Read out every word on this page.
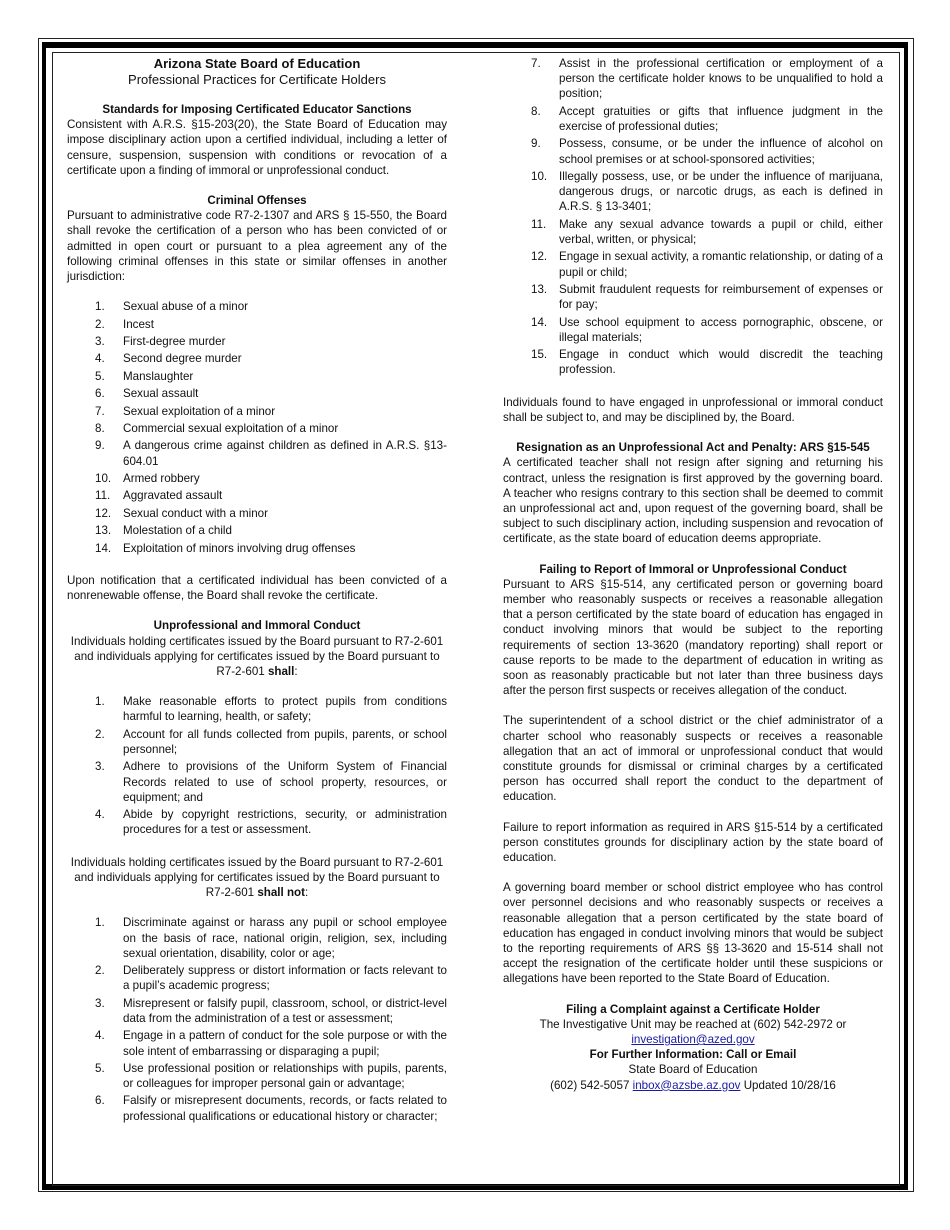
Arizona State Board of Education
Professional Practices for Certificate Holders
Standards for Imposing Certificated Educator Sanctions

Consistent with A.R.S. §15-203(20), the State Board of Education may impose disciplinary action upon a certified individual, including a letter of censure, suspension, suspension with conditions or revocation of a certificate upon a finding of immoral or unprofessional conduct.

Criminal Offenses

Pursuant to administrative code R7-2-1307 and ARS § 15-550, the Board shall revoke the certification of a person who has been convicted of or admitted in open court or pursuant to a plea agreement any of the following criminal offenses in this state or similar offenses in another jurisdiction:

1. Sexual abuse of a minor
2. Incest
3. First-degree murder
4. Second degree murder
5. Manslaughter
6. Sexual assault
7. Sexual exploitation of a minor
8. Commercial sexual exploitation of a minor
9. A dangerous crime against children as defined in A.R.S. §13-604.01
10. Armed robbery
11. Aggravated assault
12. Sexual conduct with a minor
13. Molestation of a child
14. Exploitation of minors involving drug offenses

Upon notification that a certificated individual has been convicted of a nonrenewable offense, the Board shall revoke the certificate.

Unprofessional and Immoral Conduct

Individuals holding certificates issued by the Board pursuant to R7-2-601 and individuals applying for certificates issued by the Board pursuant to R7-2-601 shall:

1. Make reasonable efforts to protect pupils from conditions harmful to learning, health, or safety;
2. Account for all funds collected from pupils, parents, or school personnel;
3. Adhere to provisions of the Uniform System of Financial Records related to use of school property, resources, or equipment; and
4. Abide by copyright restrictions, security, or administration procedures for a test or assessment.

Individuals holding certificates issued by the Board pursuant to R7-2-601 and individuals applying for certificates issued by the Board pursuant to R7-2-601 shall not:

1. Discriminate against or harass any pupil or school employee on the basis of race, national origin, religion, sex, including sexual orientation, disability, color or age;
2. Deliberately suppress or distort information or facts relevant to a pupil’s academic progress;
3. Misrepresent or falsify pupil, classroom, school, or district-level data from the administration of a test or assessment;
4. Engage in a pattern of conduct for the sole purpose or with the sole intent of embarrassing or disparaging a pupil;
5. Use professional position or relationships with pupils, parents, or colleagues for improper personal gain or advantage;
6. Falsify or misrepresent documents, records, or facts related to professional qualifications or educational history or character;
7. Assist in the professional certification or employment of a person the certificate holder knows to be unqualified to hold a position;
8. Accept gratuities or gifts that influence judgment in the exercise of professional duties;
9. Possess, consume, or be under the influence of alcohol on school premises or at school-sponsored activities;
10. Illegally possess, use, or be under the influence of marijuana, dangerous drugs, or narcotic drugs, as each is defined in A.R.S. § 13-3401;
11. Make any sexual advance towards a pupil or child, either verbal, written, or physical;
12. Engage in sexual activity, a romantic relationship, or dating of a pupil or child;
13. Submit fraudulent requests for reimbursement of expenses or for pay;
14. Use school equipment to access pornographic, obscene, or illegal materials;
15. Engage in conduct which would discredit the teaching profession.

Individuals found to have engaged in unprofessional or immoral conduct shall be subject to, and may be disciplined by, the Board.

Resignation as an Unprofessional Act and Penalty: ARS §15-545

A certificated teacher shall not resign after signing and returning his contract, unless the resignation is first approved by the governing board. A teacher who resigns contrary to this section shall be deemed to commit an unprofessional act and, upon request of the governing board, shall be subject to such disciplinary action, including suspension and revocation of certificate, as the state board of education deems appropriate.

Failing to Report of Immoral or Unprofessional Conduct

Pursuant to ARS §15-514, any certificated person or governing board member who reasonably suspects or receives a reasonable allegation that a person certificated by the state board of education has engaged in conduct involving minors that would be subject to the reporting requirements of section 13-3620 (mandatory reporting) shall report or cause reports to be made to the department of education in writing as soon as reasonably practicable but not later than three business days after the person first suspects or receives allegation of the conduct.

The superintendent of a school district or the chief administrator of a charter school who reasonably suspects or receives a reasonable allegation that an act of immoral or unprofessional conduct that would constitute grounds for dismissal or criminal charges by a certificated person has occurred shall report the conduct to the department of education.

Failure to report information as required in ARS §15-514 by a certificated person constitutes grounds for disciplinary action by the state board of education.

A governing board member or school district employee who has control over personnel decisions and who reasonably suspects or receives a reasonable allegation that a person certificated by the state board of education has engaged in conduct involving minors that would be subject to the reporting requirements of ARS §§ 13-3620 and 15-514 shall not accept the resignation of the certificate holder until these suspicions or allegations have been reported to the State Board of Education.

Filing a Complaint against a Certificate Holder
The Investigative Unit may be reached at (602) 542-2972 or
investigation@azed.gov
For Further Information: Call or Email
State Board of Education
(602) 542-5057 inbox@azsbe.az.gov Updated 10/28/16
